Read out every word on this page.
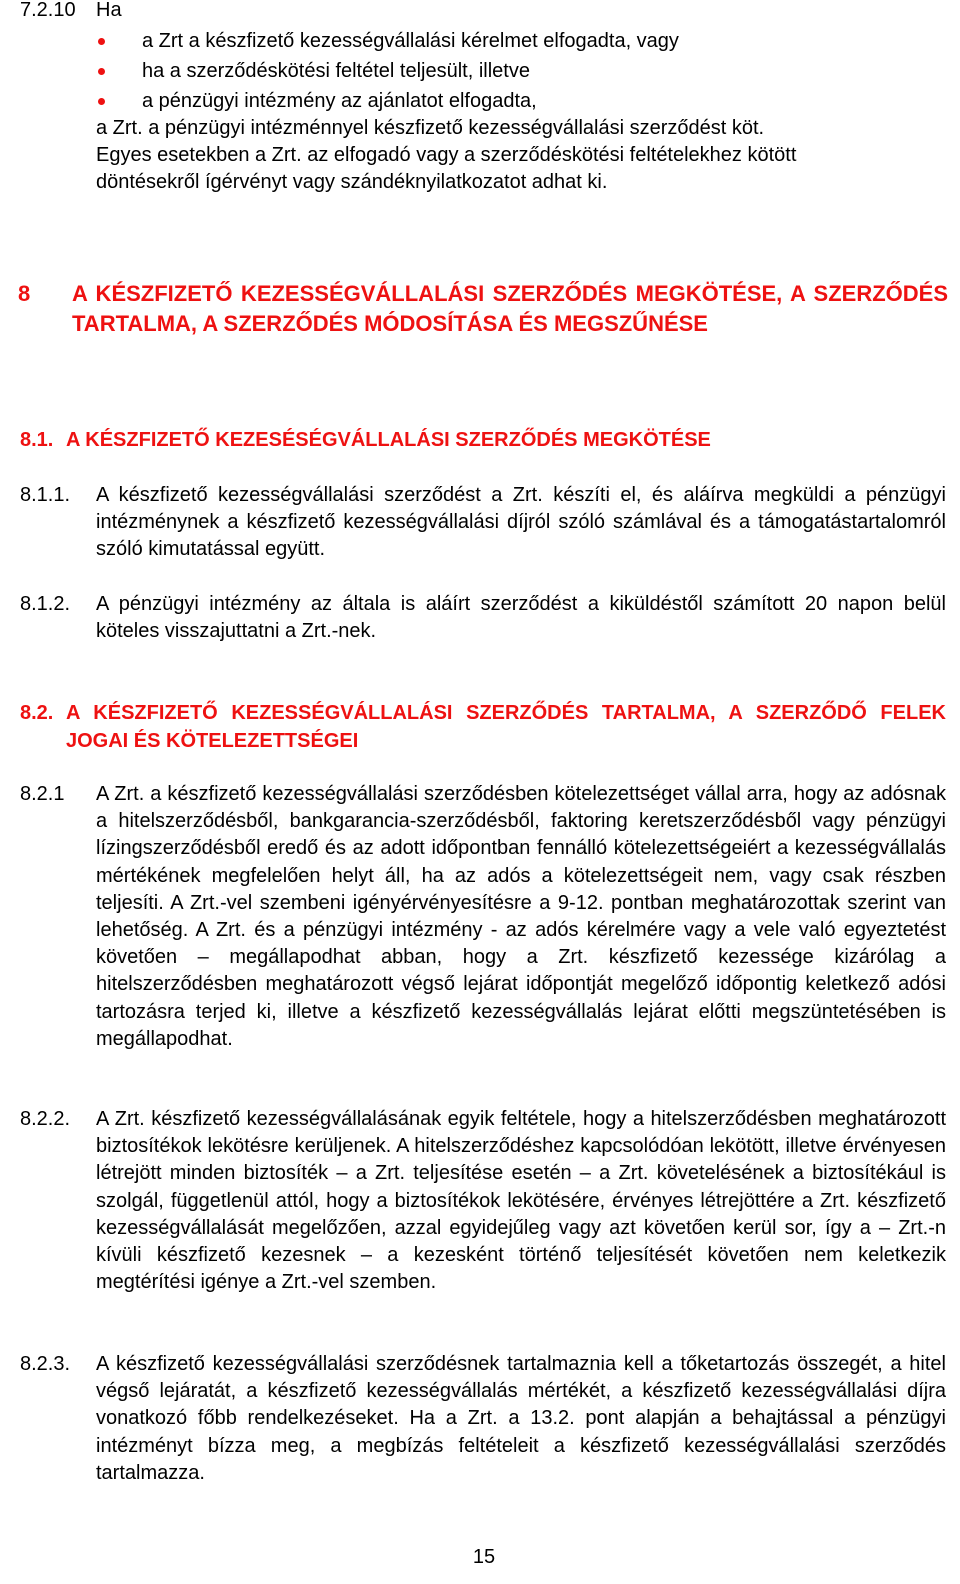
7.2.10 Ha
a Zrt a készfizető kezességvállalási kérelmet elfogadta, vagy
ha a szerződéskötési feltétel teljesült, illetve
a pénzügyi intézmény az ajánlatot elfogadta,
a Zrt. a pénzügyi intézménnyel készfizető kezességvállalási szerződést köt.
Egyes esetekben a Zrt. az elfogadó vagy a szerződéskötési feltételekhez kötött
döntésekről ígérvényt vagy szándéknyilatkozatot adhat ki.
8 A KÉSZFIZETŐ KEZESSÉGVÁLLALÁSI SZERZŐDÉS MEGKÖTÉSE, A SZERZŐDÉS TARTALMA, A SZERZŐDÉS MÓDOSÍTÁSA ÉS MEGSZŰNÉSE
8.1. A KÉSZFIZETŐ KEZESÉSÉGVÁLLALÁSI SZERZŐDÉS MEGKÖTÉSE
8.1.1. A készfizető kezességvállalási szerződést a Zrt. készíti el, és aláírva megküldi a pénzügyi intézménynek a készfizető kezességvállalási díjról szóló számlával és a támogatástartalomról szóló kimutatással együtt.
8.1.2. A pénzügyi intézmény az általa is aláírt szerződést a kiküldéstől számított 20 napon belül köteles visszajuttatni a Zrt.-nek.
8.2. A KÉSZFIZETŐ KEZESSÉGVÁLLALÁSI SZERZŐDÉS TARTALMA, A SZERZŐDŐ FELEK JOGAI ÉS KÖTELEZETTSÉGEI
8.2.1 A Zrt. a készfizető kezességvállalási szerződésben kötelezettséget vállal arra, hogy az adósnak a hitelszerződésből, bankgarancia-szerződésből, faktoring keretszerződésből vagy pénzügyi lízingszerződésből eredő és az adott időpontban fennálló kötelezettségeiért a kezességvállalás mértékének megfelelően helyt áll, ha az adós a kötelezettségeit nem, vagy csak részben teljesíti. A Zrt.-vel szembeni igényérvényesítésre a 9-12. pontban meghatározottak szerint van lehetőség. A Zrt. és a pénzügyi intézmény - az adós kérelmére vagy a vele való egyeztetést követően – megállapodhat abban, hogy a Zrt. készfizető kezessége kizárólag a hitelszerződésben meghatározott végső lejárat időpontját megelőző időpontig keletkező adósi tartozásra terjed ki, illetve a készfizető kezességvállalás lejárat előtti megszüntetésében is megállapodhat.
8.2.2. A Zrt. készfizető kezességvállalásának egyik feltétele, hogy a hitelszerződésben meghatározott biztosítékok lekötésre kerüljenek. A hitelszerződéshez kapcsolódóan lekötött, illetve érvényesen létrejött minden biztosíték – a Zrt. teljesítése esetén – a Zrt. követelésének a biztosítékául is szolgál, függetlenül attól, hogy a biztosítékok lekötésére, érvényes létrejöttére a Zrt. készfizető kezességvállalását megelőzően, azzal egyidejűleg vagy azt követően kerül sor, így a – Zrt.-n kívüli készfizető kezesnek – a kezesként történő teljesítését követően nem keletkezik megtérítési igénye a Zrt.-vel szemben.
8.2.3. A készfizető kezességvállalási szerződésnek tartalmaznia kell a tőketartozás összegét, a hitel végső lejáratát, a készfizető kezességvállalás mértékét, a készfizető kezességvállalási díjra vonatkozó főbb rendelkezéseket. Ha a Zrt. a 13.2. pont alapján a behajtással a pénzügyi intézményt bízza meg, a megbízás feltételeit a készfizető kezességvállalási szerződés tartalmazza.
15
